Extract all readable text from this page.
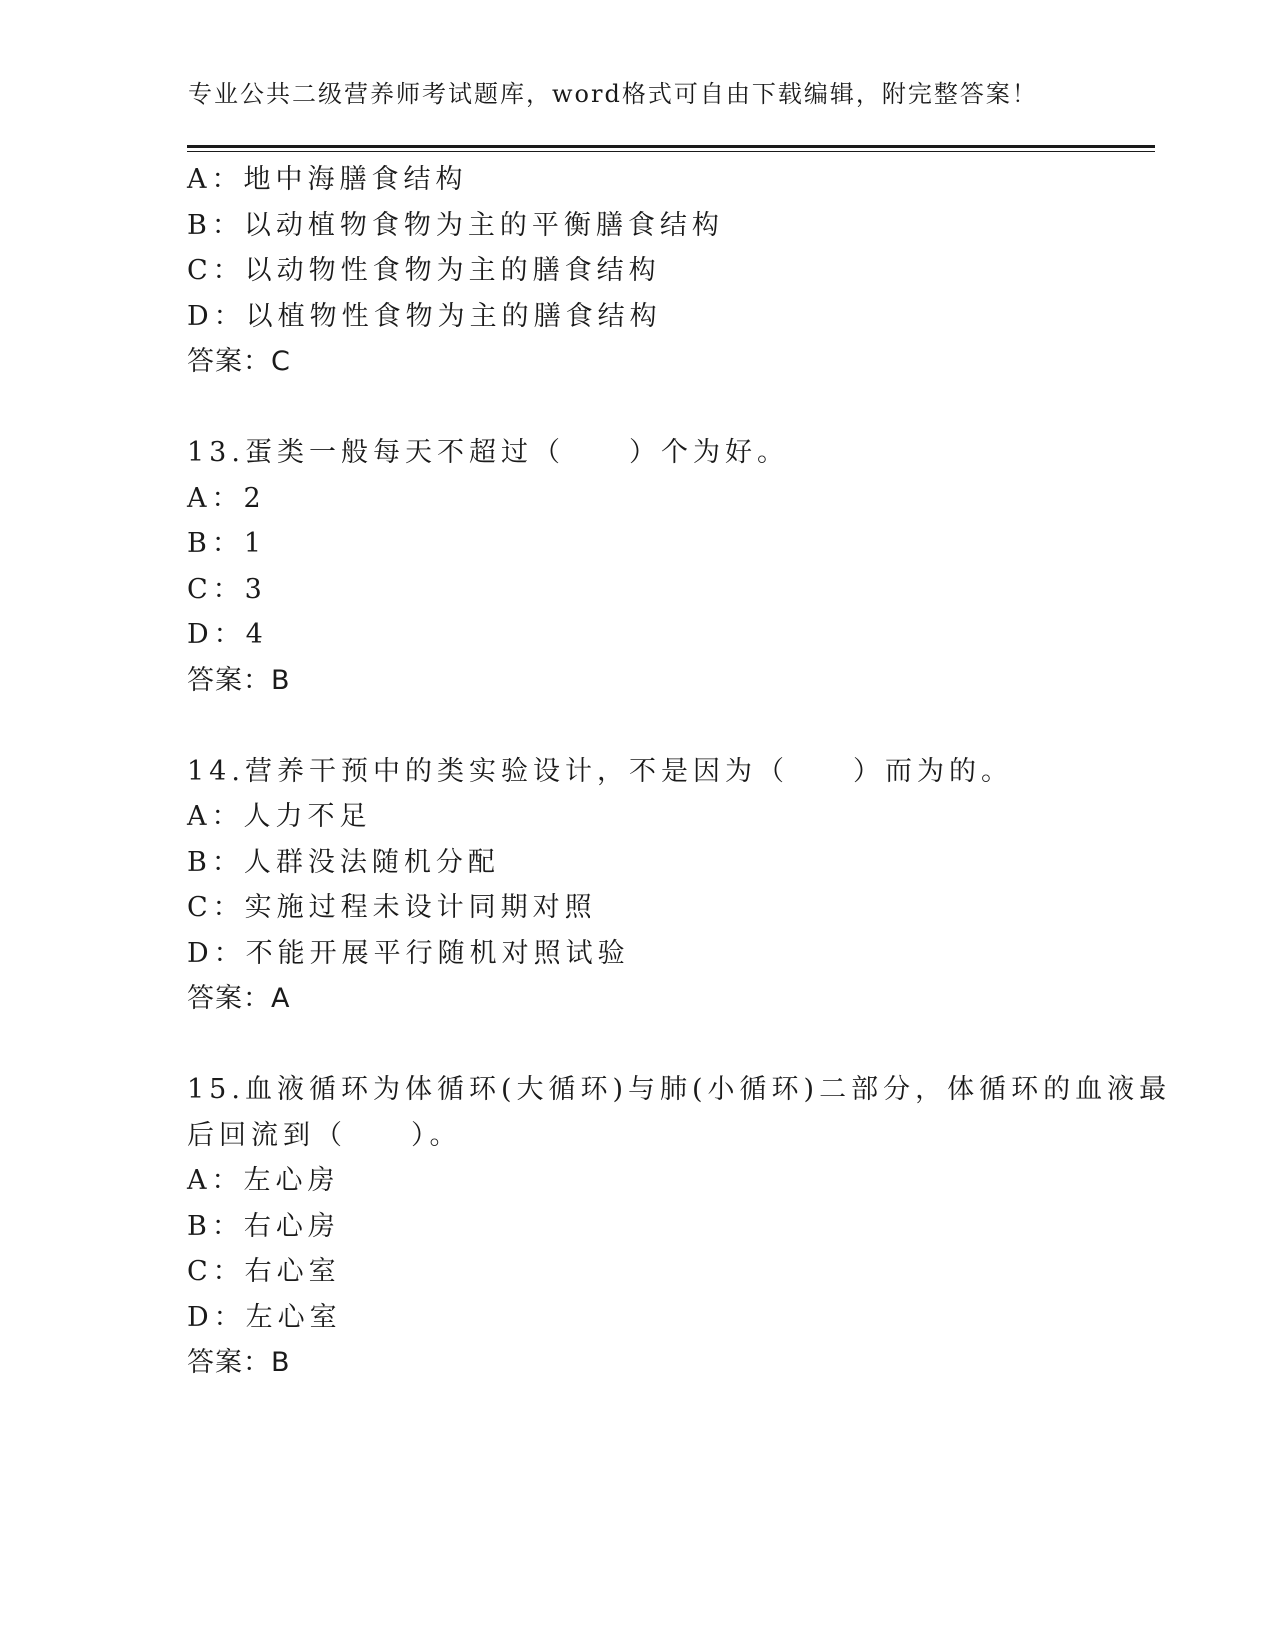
专业公共二级营养师考试题库，word格式可自由下载编辑，附完整答案！
A：地中海膳食结构
B：以动植物食物为主的平衡膳食结构
C：以动物性食物为主的膳食结构
D：以植物性食物为主的膳食结构
答案：C
13.蛋类一般每天不超过（　　）个为好。
A：2
B：1
C：3
D：4
答案：B
14.营养干预中的类实验设计，不是因为（　　）而为的。
A：人力不足
B：人群没法随机分配
C：实施过程未设计同期对照
D：不能开展平行随机对照试验
答案：A
15.血液循环为体循环(大循环)与肺(小循环)二部分，体循环的血液最
后回流到（　　）。
A：左心房
B：右心房
C：右心室
D：左心室
答案：B
